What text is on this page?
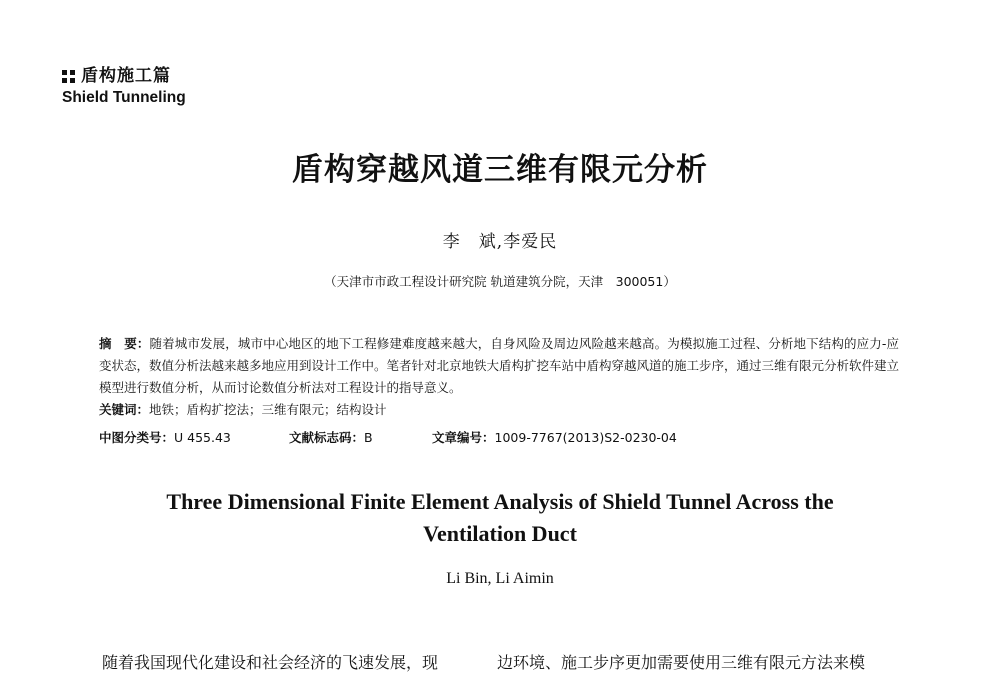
盾构施工篇
Shield Tunneling
盾构穿越风道三维有限元分析
李　斌,李爱民
（天津市市政工程设计研究院 轨道建筑分院，天津　300051）

摘　要：随着城市发展，城市中心地区的地下工程修建难度越来越大，自身风险及周边风险越来越高。为模拟施工过程、分析地下结构的应力-应变状态，数值分析法越来越多地应用到设计工作中。笔者针对北京地铁大盾构扩挖车站中盾构穿越风道的施工步序，通过三维有限元分析软件建立模型进行数值分析，从而讨论数值分析法对工程设计的指导意义。

关键词：地铁；盾构扩挖法；三维有限元；结构设计

中图分类号：U 455.43	文献标志码：B	文章编号：1009-7767(2013)S2-0230-04
Three Dimensional Finite Element Analysis of Shield Tunnel Across the
Ventilation Duct
Li Bin, Li Aimin
随着我国现代化建设和社会经济的飞速发展，现	边环境、施工步序更加需要使用三维有限元方法来模
